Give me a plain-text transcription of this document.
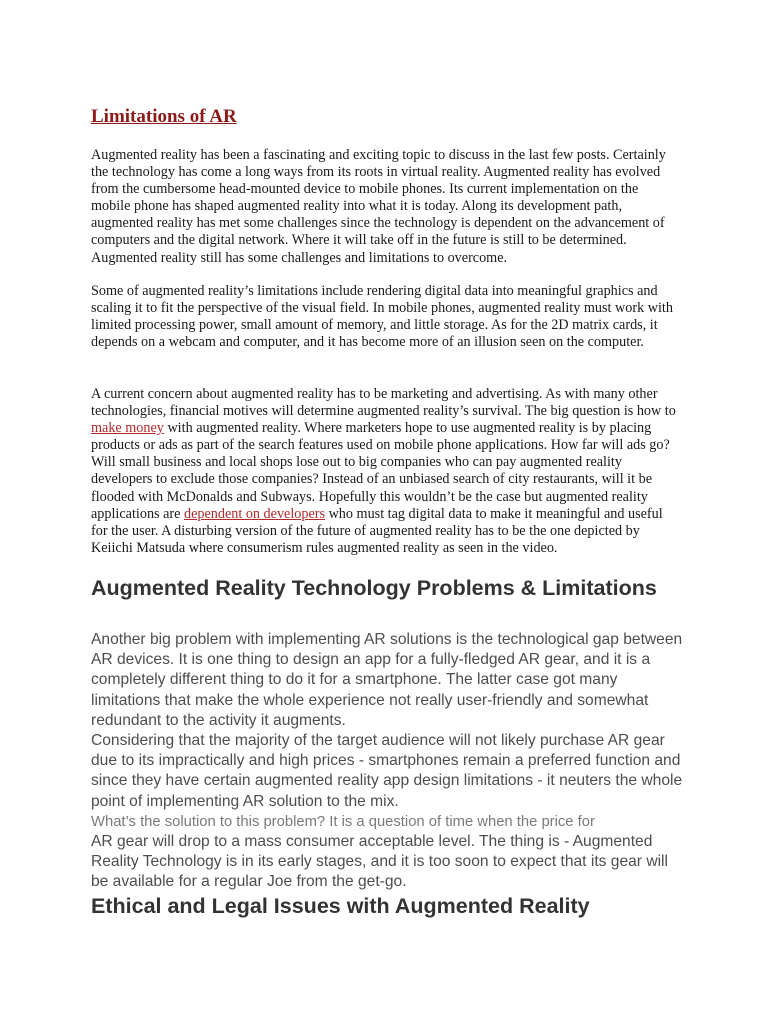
Limitations of AR

Augmented reality has been a fascinating and exciting topic to discuss in the last few posts. Certainly the technology has come a long ways from its roots in virtual reality. Augmented reality has evolved from the cumbersome head-mounted device to mobile phones. Its current implementation on the mobile phone has shaped augmented reality into what it is today. Along its development path, augmented reality has met some challenges since the technology is dependent on the advancement of computers and the digital network. Where it will take off in the future is still to be determined. Augmented reality still has some challenges and limitations to overcome.

Some of augmented reality’s limitations include rendering digital data into meaningful graphics and scaling it to fit the perspective of the visual field. In mobile phones, augmented reality must work with limited processing power, small amount of memory, and little storage. As for the 2D matrix cards, it depends on a webcam and computer, and it has become more of an illusion seen on the computer.

A current concern about augmented reality has to be marketing and advertising. As with many other technologies, financial motives will determine augmented reality’s survival. The big question is how to make money with augmented reality. Where marketers hope to use augmented reality is by placing products or ads as part of the search features used on mobile phone applications. How far will ads go? Will small business and local shops lose out to big companies who can pay augmented reality developers to exclude those companies? Instead of an unbiased search of city restaurants, will it be flooded with McDonalds and Subways. Hopefully this wouldn’t be the case but augmented reality applications are dependent on developers who must tag digital data to make it meaningful and useful for the user. A disturbing version of the future of augmented reality has to be the one depicted by Keiichi Matsuda where consumerism rules augmented reality as seen in the video.

Augmented Reality Technology Problems & Limitations

Another big problem with implementing AR solutions is the technological gap between AR devices. It is one thing to design an app for a fully-fledged AR gear, and it is a completely different thing to do it for a smartphone. The latter case got many limitations that make the whole experience not really user-friendly and somewhat redundant to the activity it augments.

Considering that the majority of the target audience will not likely purchase AR gear due to its impractically and high prices - smartphones remain a preferred function and since they have certain augmented reality app design limitations - it neuters the whole point of implementing AR solution to the mix.

What’s the solution to this problem? It is a question of time when the price for

AR gear will drop to a mass consumer acceptable level. The thing is - Augmented Reality Technology is in its early stages, and it is too soon to expect that its gear will be available for a regular Joe from the get-go.

Ethical and Legal Issues with Augmented Reality
